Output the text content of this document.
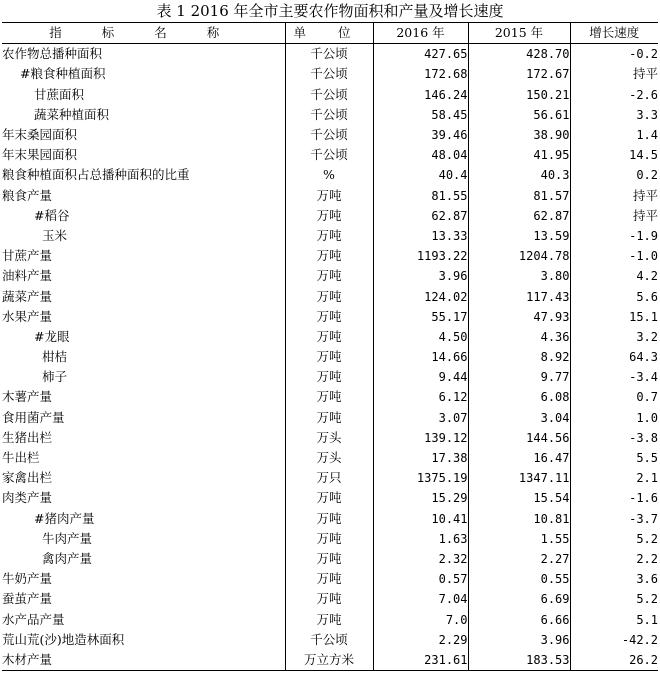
表 1 2016 年全市主要农作物面积和产量及增长速度
指 标 名 称	单 位	2016 年	2015 年	增长速度
农作物总播种面积	千公顷	427.65	428.70	-0.2
#粮食种植面积	千公顷	172.68	172.67	持平
甘蔗面积	千公顷	146.24	150.21	-2.6
蔬菜种植面积	千公顷	58.45	56.61	3.3
年末桑园面积	千公顷	39.46	38.90	1.4
年末果园面积	千公顷	48.04	41.95	14.5
粮食种植面积占总播种面积的比重	%	40.4	40.3	0.2
粮食产量	万吨	81.55	81.57	持平
#稻谷	万吨	62.87	62.87	持平
玉米	万吨	13.33	13.59	-1.9
甘蔗产量	万吨	1193.22	1204.78	-1.0
油料产量	万吨	3.96	3.80	4.2
蔬菜产量	万吨	124.02	117.43	5.6
水果产量	万吨	55.17	47.93	15.1
#龙眼	万吨	4.50	4.36	3.2
柑桔	万吨	14.66	8.92	64.3
柿子	万吨	9.44	9.77	-3.4
木薯产量	万吨	6.12	6.08	0.7
食用菌产量	万吨	3.07	3.04	1.0
生猪出栏	万头	139.12	144.56	-3.8
牛出栏	万头	17.38	16.47	5.5
家禽出栏	万只	1375.19	1347.11	2.1
肉类产量	万吨	15.29	15.54	-1.6
#猪肉产量	万吨	10.41	10.81	-3.7
牛肉产量	万吨	1.63	1.55	5.2
禽肉产量	万吨	2.32	2.27	2.2
牛奶产量	万吨	0.57	0.55	3.6
蚕茧产量	万吨	7.04	6.69	5.2
水产品产量	万吨	7.0	6.66	5.1
荒山荒(沙)地造林面积	千公顷	2.29	3.96	-42.2
木材产量	万立方米	231.61	183.53	26.2
